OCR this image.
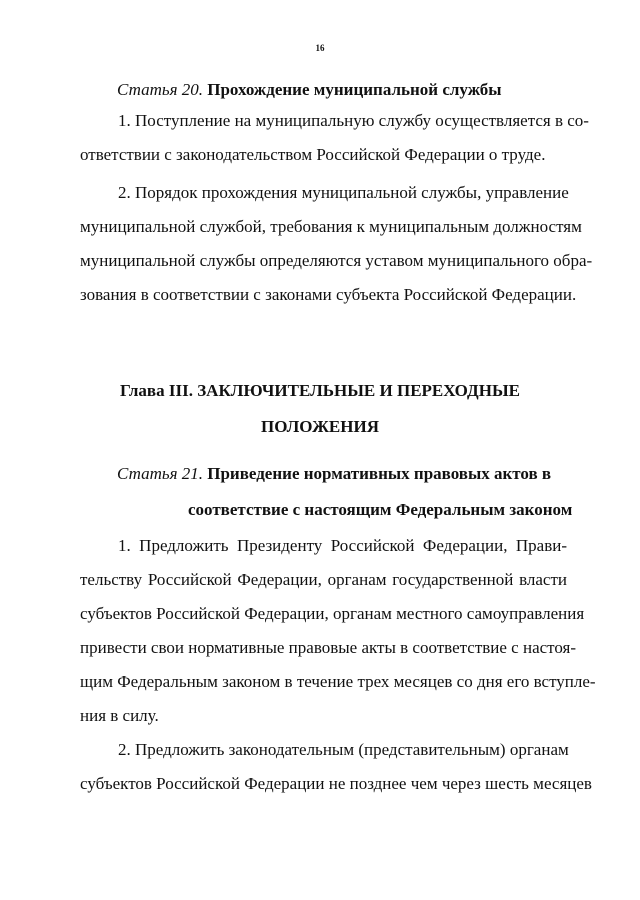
16
Статья 20. Прохождение муниципальной службы

1. Поступление на муниципальную службу осуществляется в со-
ответствии с законодательством Российской Федерации о труде.

2. Порядок прохождения муниципальной службы, управление
муниципальной службой, требования к муниципальным должностям
муниципальной службы определяются уставом муниципального обра-
зования в соответствии с законами субъекта Российской Федерации.

Глава III. ЗАКЛЮЧИТЕЛЬНЫЕ И ПЕРЕХОДНЫЕ
ПОЛОЖЕНИЯ
Статья 21. Приведение нормативных правовых актов в
соответствие с настоящим Федеральным законом

1. Предложить Президенту Российской Федерации, Прави-
тельству Российской Федерации, органам государственной власти
субъектов Российской Федерации, органам местного самоуправления
привести свои нормативные правовые акты в соответствие с настоя-
щим Федеральным законом в течение трех месяцев со дня его вступле-
ния в силу.

2. Предложить законодательным (представительным) органам
субъектов Российской Федерации не позднее чем через шесть месяцев
